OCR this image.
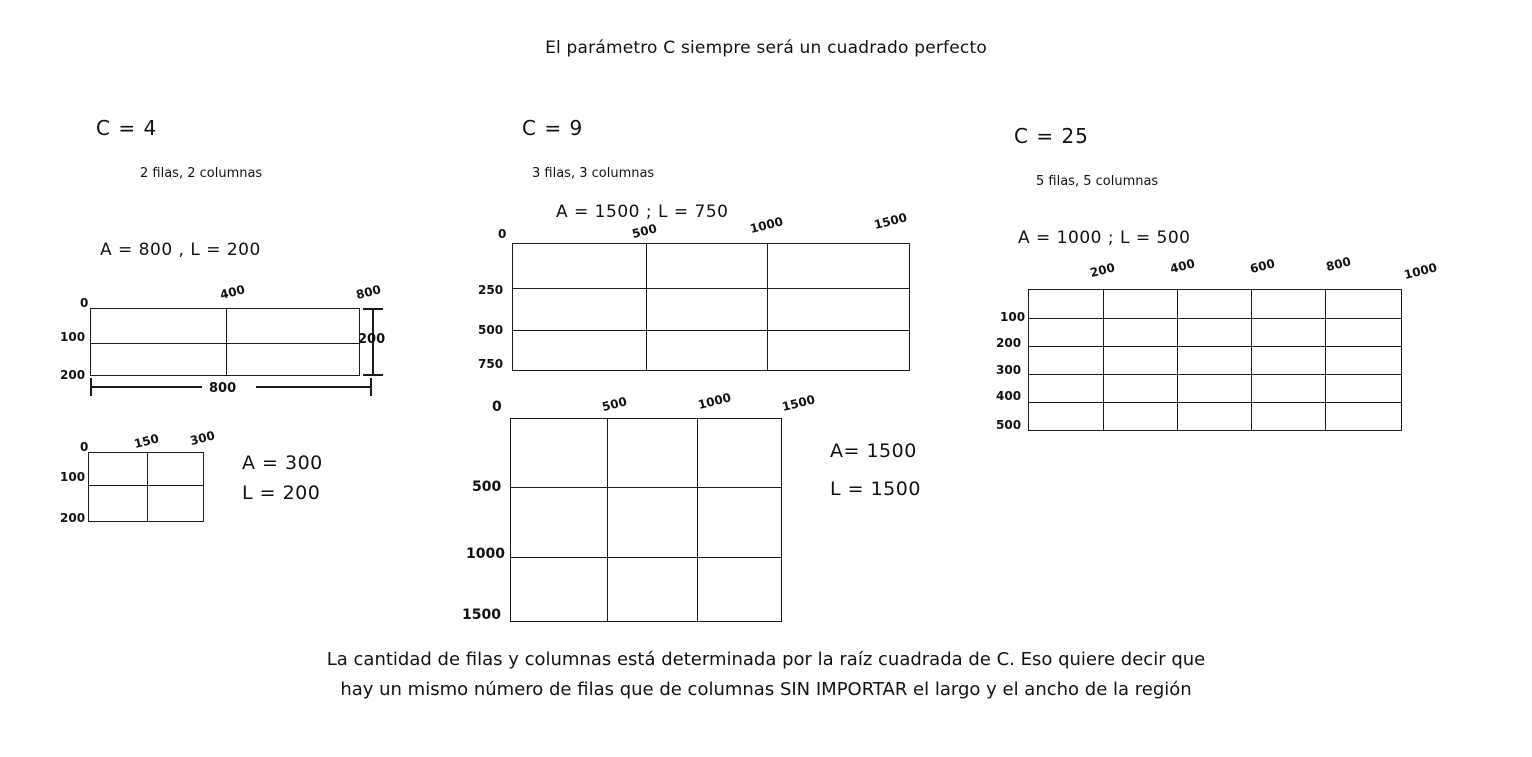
El parámetro C siempre será un cuadrado perfecto
C = 4
2 filas, 2 columnas
A = 800 , L = 200
0
400	800
100
200
200
800
0	150 300
100
200
A = 300
L = 200
C = 9
3 filas, 3 columnas
A = 1500 ; L = 750
0	500	1000	1500
250
500
750
0	500	1000	1500
500
1000
1500
A= 1500
L = 1500
C = 25
5 filas, 5 columnas
A = 1000 ; L = 500
200	400	600	800	1000
100
200
300
400
500
La cantidad de filas y columnas está determinada por la raíz cuadrada de C. Eso quiere decir que
hay un mismo número de filas que de columnas SIN IMPORTAR el largo y el ancho de la región
